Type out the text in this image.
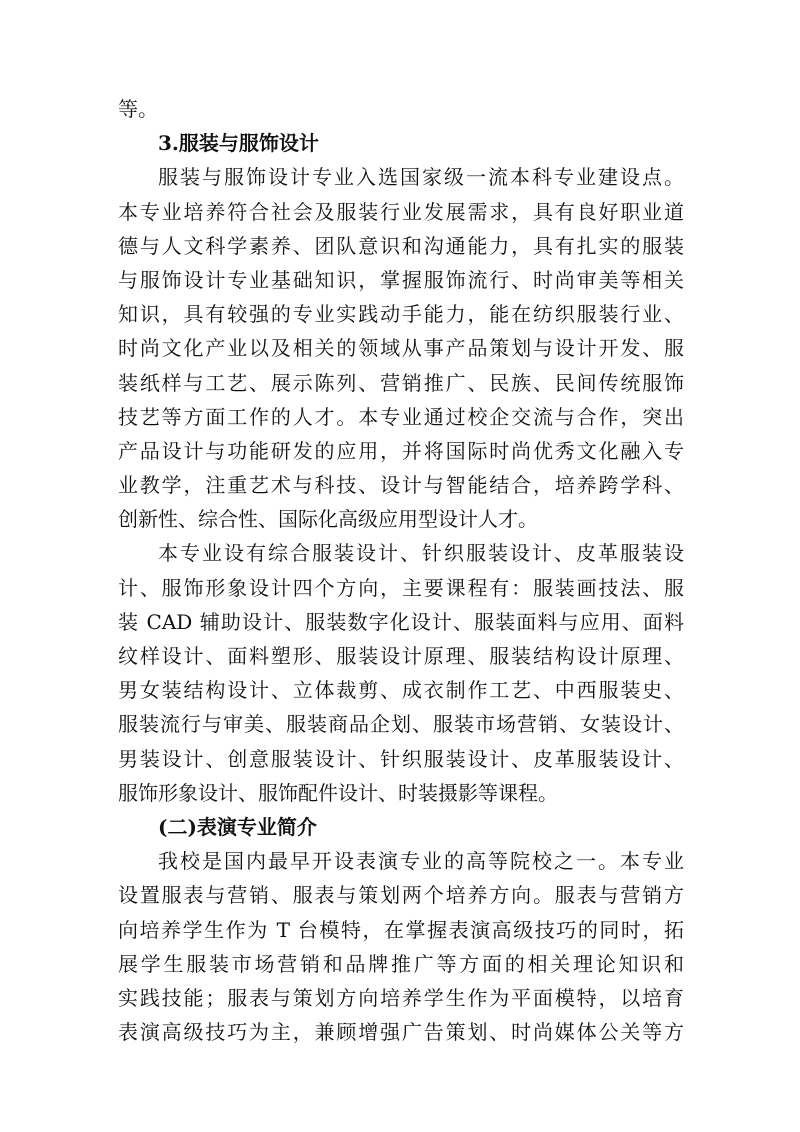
等。
3.服装与服饰设计
服装与服饰设计专业入选国家级一流本科专业建设点。
本专业培养符合社会及服装行业发展需求，具有良好职业道
德与人文科学素养、团队意识和沟通能力，具有扎实的服装
与服饰设计专业基础知识，掌握服饰流行、时尚审美等相关
知识，具有较强的专业实践动手能力，能在纺织服装行业、
时尚文化产业以及相关的领域从事产品策划与设计开发、服
装纸样与工艺、展示陈列、营销推广、民族、民间传统服饰
技艺等方面工作的人才。本专业通过校企交流与合作，突出
产品设计与功能研发的应用，并将国际时尚优秀文化融入专
业教学，注重艺术与科技、设计与智能结合，培养跨学科、
创新性、综合性、国际化高级应用型设计人才。
本专业设有综合服装设计、针织服装设计、皮革服装设
计、服饰形象设计四个方向，主要课程有：服装画技法、服
装 CAD 辅助设计、服装数字化设计、服装面料与应用、面料
纹样设计、面料塑形、服装设计原理、服装结构设计原理、
男女装结构设计、立体裁剪、成衣制作工艺、中西服装史、
服装流行与审美、服装商品企划、服装市场营销、女装设计、
男装设计、创意服装设计、针织服装设计、皮革服装设计、
服饰形象设计、服饰配件设计、时装摄影等课程。
(二)表演专业简介
我校是国内最早开设表演专业的高等院校之一。本专业
设置服表与营销、服表与策划两个培养方向。服表与营销方
向培养学生作为 T 台模特，在掌握表演高级技巧的同时，拓
展学生服装市场营销和品牌推广等方面的相关理论知识和
实践技能；服表与策划方向培养学生作为平面模特，以培育
表演高级技巧为主，兼顾增强广告策划、时尚媒体公关等方
